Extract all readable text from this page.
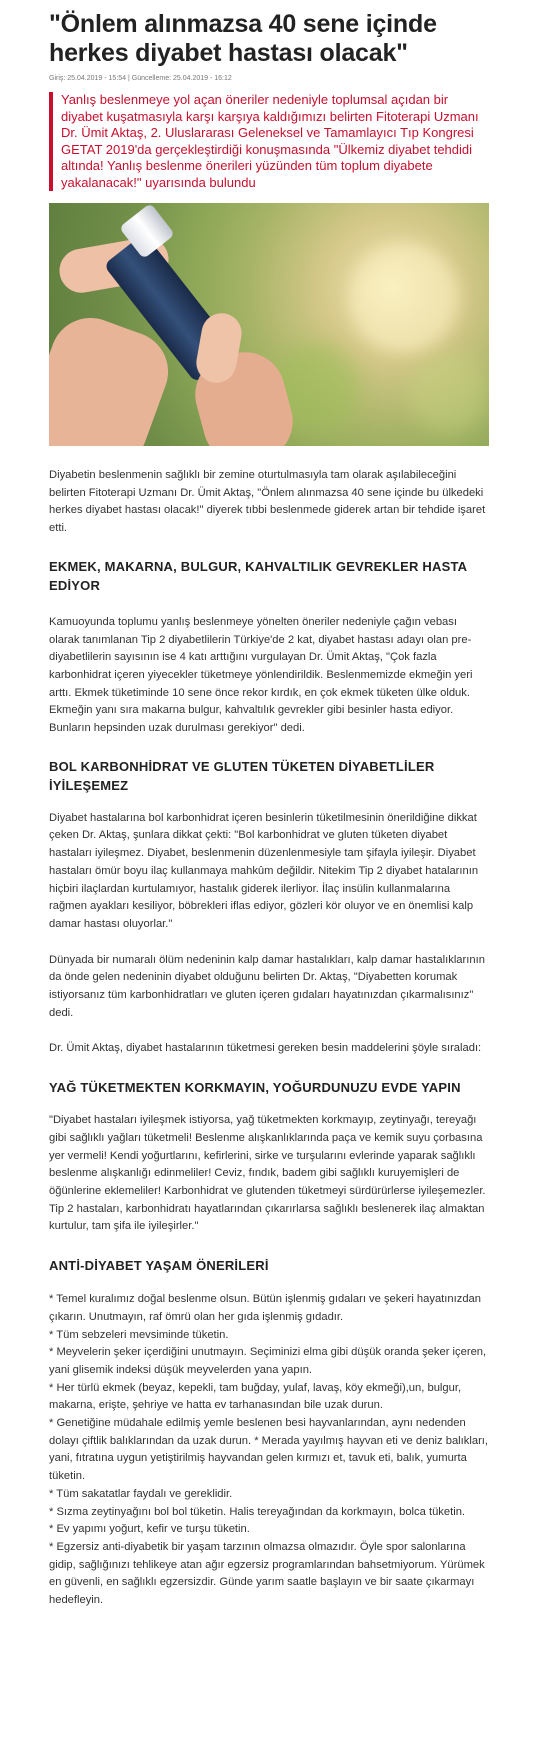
"Önlem alınmazsa 40 sene içinde herkes diyabet hastası olacak"
Giriş: 25.04.2019 - 15:54 | Güncelleme: 25.04.2019 - 16:12
Yanlış beslenmeye yol açan öneriler nedeniyle toplumsal açıdan bir diyabet kuşatmasıyla karşı karşıya kaldığımızı belirten Fitoterapi Uzmanı Dr. Ümit Aktaş, 2. Uluslararası Geleneksel ve Tamamlayıcı Tıp Kongresi GETAT 2019'da gerçekleştirdiği konuşmasında "Ülkemiz diyabet tehdidi altında! Yanlış beslenme önerileri yüzünden tüm toplum diyabete yakalanacak!" uyarısında bulundu

Diyabetin beslenmenin sağlıklı bir zemine oturtulmasıyla tam olarak aşılabileceğini belirten Fitoterapi Uzmanı Dr. Ümit Aktaş, "Önlem alınmazsa 40 sene içinde bu ülkedeki herkes diyabet hastası olacak!" diyerek tıbbi beslenmede giderek artan bir tehdide işaret etti.

EKMEK, MAKARNA, BULGUR, KAHVALTILIK GEVREKLER HASTA EDİYOR

Kamuoyunda toplumu yanlış beslenmeye yönelten öneriler nedeniyle çağın vebası olarak tanımlanan Tip 2 diyabetlilerin Türkiye'de 2 kat, diyabet hastası adayı olan pre-diyabetlilerin sayısının ise 4 katı arttığını vurgulayan Dr. Ümit Aktaş, "Çok fazla karbonhidrat içeren yiyecekler tüketmeye yönlendirildik. Beslenmemizde ekmeğin yeri arttı. Ekmek tüketiminde 10 sene önce rekor kırdık, en çok ekmek tüketen ülke olduk. Ekmeğin yanı sıra makarna bulgur, kahvaltılık gevrekler gibi besinler hasta ediyor. Bunların hepsinden uzak durulması gerekiyor" dedi.

BOL KARBONHİDRAT VE GLUTEN TÜKETEN DİYABETLİLER İYİLEŞEMEZ

Diyabet hastalarına bol karbonhidrat içeren besinlerin tüketilmesinin önerildiğine dikkat çeken Dr. Aktaş, şunlara dikkat çekti: "Bol karbonhidrat ve gluten tüketen diyabet hastaları iyileşmez. Diyabet, beslenmenin düzenlenmesiyle tam şifayla iyileşir. Diyabet hastaları ömür boyu ilaç kullanmaya mahkûm değildir. Nitekim Tip 2 diyabet hatalarının hiçbiri ilaçlardan kurtulamıyor, hastalık giderek ilerliyor. İlaç insülin kullanmalarına rağmen ayakları kesiliyor, böbrekleri iflas ediyor, gözleri kör oluyor ve en önemlisi kalp damar hastası oluyorlar."

Dünyada bir numaralı ölüm nedeninin kalp damar hastalıkları, kalp damar hastalıklarının da önde gelen nedeninin diyabet olduğunu belirten Dr. Aktaş, "Diyabetten korumak istiyorsanız tüm karbonhidratları ve gluten içeren gıdaları hayatınızdan çıkarmalısınız" dedi.

Dr. Ümit Aktaş, diyabet hastalarının tüketmesi gereken besin maddelerini şöyle sıraladı:

YAĞ TÜKETMEKTEN KORKMAYIN, YOĞURDUNUZU EVDE YAPIN

"Diyabet hastaları iyileşmek istiyorsa, yağ tüketmekten korkmayıp, zeytinyağı, tereyağı gibi sağlıklı yağları tüketmeli! Beslenme alışkanlıklarında paça ve kemik suyu çorbasına yer vermeli! Kendi yoğurtlarını, kefirlerini, sirke ve turşularını evlerinde yaparak sağlıklı beslenme alışkanlığı edinmeliler! Ceviz, fındık, badem gibi sağlıklı kuruyemişleri de öğünlerine eklemeliler! Karbonhidrat ve glutenden tüketmeyi sürdürürlerse iyileşemezler. Tip 2 hastaları, karbonhidratı hayatlarından çıkarırlarsa sağlıklı beslenerek ilaç almaktan kurtulur, tam şifa ile iyileşirler."

ANTİ-DİYABET YAŞAM ÖNERİLERİ

* Temel kuralımız doğal beslenme olsun. Bütün işlenmiş gıdaları ve şekeri hayatınızdan çıkarın. Unutmayın, raf ömrü olan her gıda işlenmiş gıdadır.

* Tüm sebzeleri mevsiminde tüketin.

* Meyvelerin şeker içerdiğini unutmayın. Seçiminizi elma gibi düşük oranda şeker içeren, yani glisemik indeksi düşük meyvelerden yana yapın.

* Her türlü ekmek (beyaz, kepekli, tam buğday, yulaf, lavaş, köy ekmeği),un, bulgur, makarna, erişte, şehriye ve hatta ev tarhanasından bile uzak durun.

* Genetiğine müdahale edilmiş yemle beslenen besi hayvanlarından, aynı nedenden dolayı çiftlik balıklarından da uzak durun. * Merada yayılmış hayvan eti ve deniz balıkları, yani, fıtratına uygun yetiştirilmiş hayvandan gelen kırmızı et, tavuk eti, balık, yumurta tüketin.

* Tüm sakatatlar faydalı ve gereklidir.

* Sızma zeytinyağını bol bol tüketin. Halis tereyağından da korkmayın, bolca tüketin.

* Ev yapımı yoğurt, kefir ve turşu tüketin.

* Egzersiz anti-diyabetik bir yaşam tarzının olmazsa olmazıdır. Öyle spor salonlarına gidip, sağlığınızı tehlikeye atan ağır egzersiz programlarından bahsetmiyorum. Yürümek en güvenli, en sağlıklı egzersizdir. Günde yarım saatle başlayın ve bir saate çıkarmayı hedefleyin.
